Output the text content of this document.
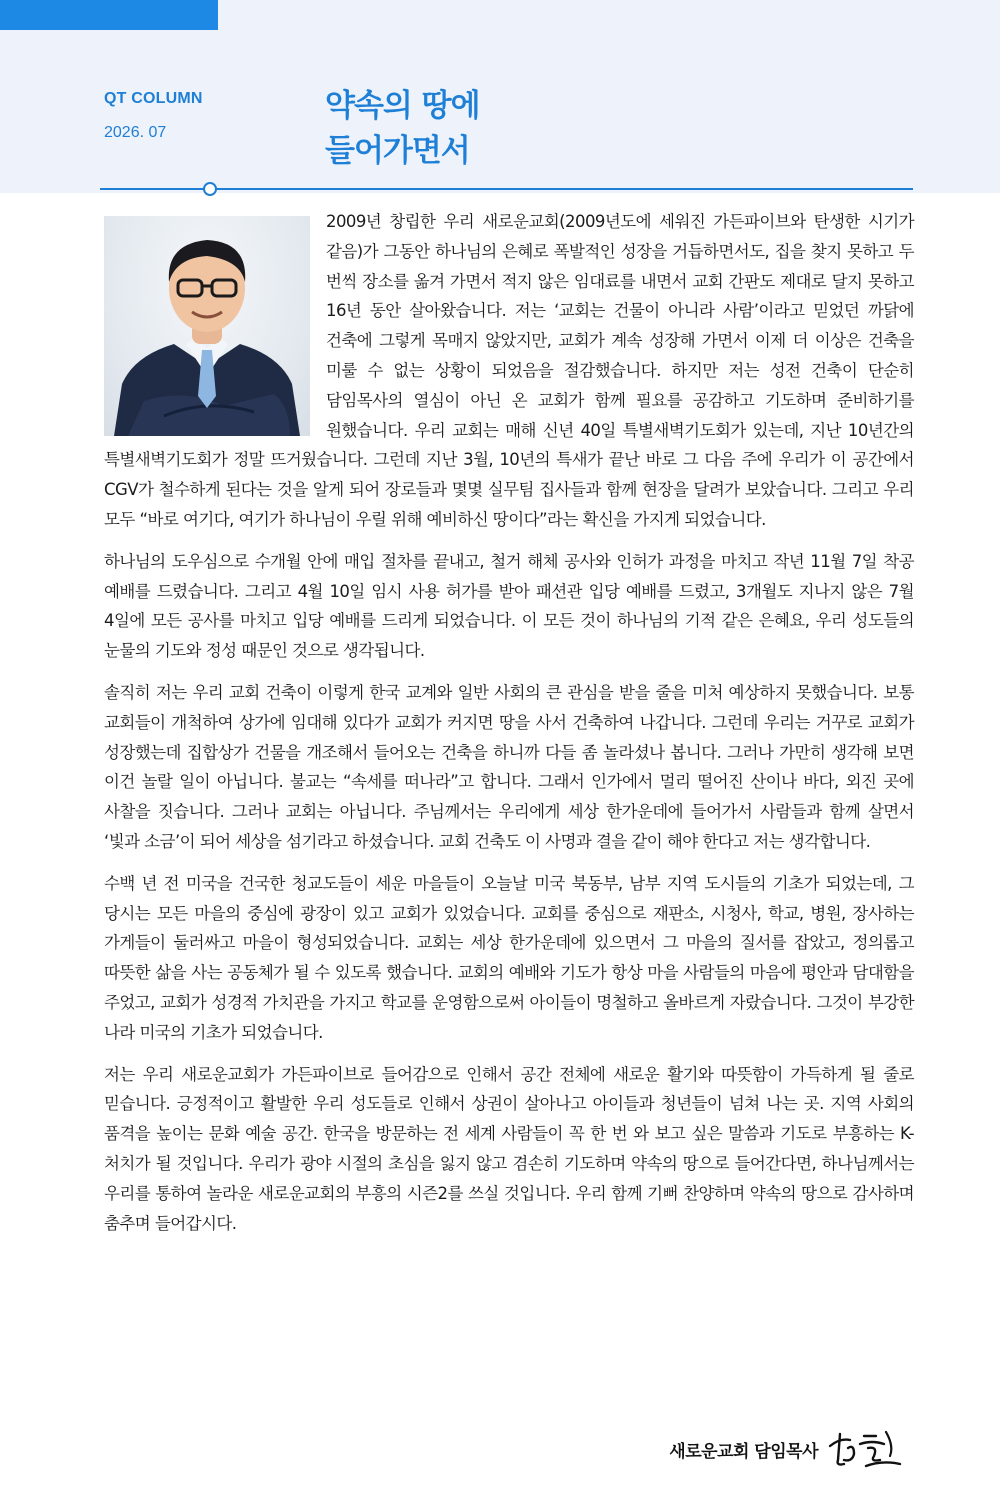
QT COLUMN
2026. 07
약속의 땅에
들어가면서

2009년 창립한 우리 새로운교회(2009년도에 세워진 가든파이브와 탄생한 시기가 같음)가 그동안 하나님의 은혜로 폭발적인 성장을 거듭하면서도, 집을 찾지 못하고 두 번씩 장소를 옮겨 가면서 적지 않은 임대료를 내면서 교회 간판도 제대로 달지 못하고 16년 동안 살아왔습니다. 저는 ‘교회는 건물이 아니라 사람’이라고 믿었던 까닭에 건축에 그렇게 목매지 않았지만, 교회가 계속 성장해 가면서 이제 더 이상은 건축을 미룰 수 없는 상황이 되었음을 절감했습니다. 하지만 저는 성전 건축이 단순히 담임목사의 열심이 아닌 온 교회가 함께 필요를 공감하고 기도하며 준비하기를 원했습니다. 우리 교회는 매해 신년 40일 특별새벽기도회가 있는데, 지난 10년간의 특별새벽기도회가 정말 뜨거웠습니다. 그런데 지난 3월, 10년의 특새가 끝난 바로 그 다음 주에 우리가 이 공간에서 CGV가 철수하게 된다는 것을 알게 되어 장로들과 몇몇 실무팀 집사들과 함께 현장을 달려가 보았습니다. 그리고 우리 모두 “바로 여기다, 여기가 하나님이 우릴 위해 예비하신 땅이다”라는 확신을 가지게 되었습니다.

하나님의 도우심으로 수개월 안에 매입 절차를 끝내고, 철거 해체 공사와 인허가 과정을 마치고 작년 11월 7일 착공 예배를 드렸습니다. 그리고 4월 10일 임시 사용 허가를 받아 패션관 입당 예배를 드렸고, 3개월도 지나지 않은 7월 4일에 모든 공사를 마치고 입당 예배를 드리게 되었습니다. 이 모든 것이 하나님의 기적 같은 은혜요, 우리 성도들의 눈물의 기도와 정성 때문인 것으로 생각됩니다.

솔직히 저는 우리 교회 건축이 이렇게 한국 교계와 일반 사회의 큰 관심을 받을 줄을 미처 예상하지 못했습니다. 보통 교회들이 개척하여 상가에 임대해 있다가 교회가 커지면 땅을 사서 건축하여 나갑니다. 그런데 우리는 거꾸로 교회가 성장했는데 집합상가 건물을 개조해서 들어오는 건축을 하니까 다들 좀 놀라셨나 봅니다. 그러나 가만히 생각해 보면 이건 놀랄 일이 아닙니다. 불교는 “속세를 떠나라”고 합니다. 그래서 인가에서 멀리 떨어진 산이나 바다, 외진 곳에 사찰을 짓습니다. 그러나 교회는 아닙니다. 주님께서는 우리에게 세상 한가운데에 들어가서 사람들과 함께 살면서 ‘빛과 소금’이 되어 세상을 섬기라고 하셨습니다. 교회 건축도 이 사명과 결을 같이 해야 한다고 저는 생각합니다.

수백 년 전 미국을 건국한 청교도들이 세운 마을들이 오늘날 미국 북동부, 남부 지역 도시들의 기초가 되었는데, 그 당시는 모든 마을의 중심에 광장이 있고 교회가 있었습니다. 교회를 중심으로 재판소, 시청사, 학교, 병원, 장사하는 가게들이 둘러싸고 마을이 형성되었습니다. 교회는 세상 한가운데에 있으면서 그 마을의 질서를 잡았고, 정의롭고 따뜻한 삶을 사는 공동체가 될 수 있도록 했습니다. 교회의 예배와 기도가 항상 마을 사람들의 마음에 평안과 담대함을 주었고, 교회가 성경적 가치관을 가지고 학교를 운영함으로써 아이들이 명철하고 올바르게 자랐습니다. 그것이 부강한 나라 미국의 기초가 되었습니다.

저는 우리 새로운교회가 가든파이브로 들어감으로 인해서 공간 전체에 새로운 활기와 따뜻함이 가득하게 될 줄로 믿습니다. 긍정적이고 활발한 우리 성도들로 인해서 상권이 살아나고 아이들과 청년들이 넘쳐 나는 곳. 지역 사회의 품격을 높이는 문화 예술 공간. 한국을 방문하는 전 세계 사람들이 꼭 한 번 와 보고 싶은 말씀과 기도로 부흥하는 K-처치가 될 것입니다. 우리가 광야 시절의 초심을 잃지 않고 겸손히 기도하며 약속의 땅으로 들어간다면, 하나님께서는 우리를 통하여 놀라운 새로운교회의 부흥의 시즌2를 쓰실 것입니다. 우리 함께 기뻐 찬양하며 약속의 땅으로 감사하며 춤추며 들어갑시다.

새로운교회 담임목사
